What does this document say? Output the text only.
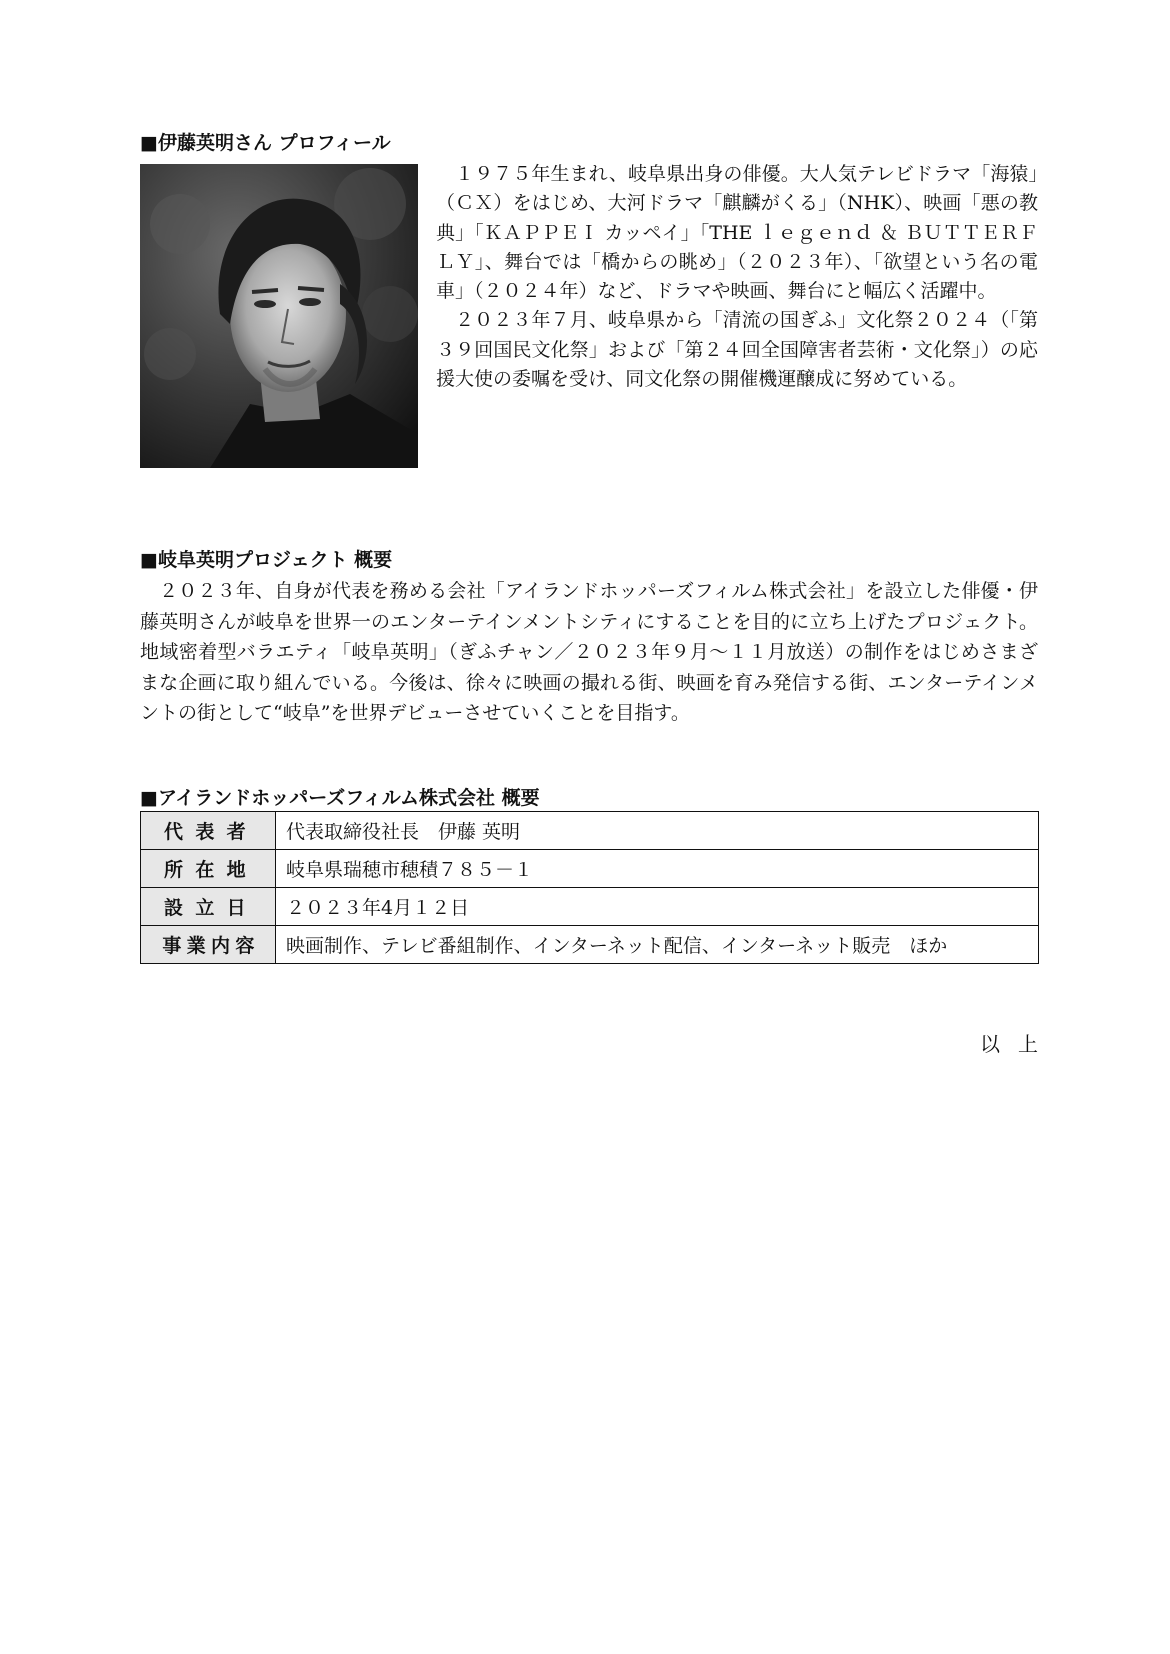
■伊藤英明さん プロフィール

１９７５年生まれ、岐阜県出身の俳優。大人気テレビドラマ「海猿」（ＣＸ）をはじめ、大河ドラマ「麒麟がくる」（NHK）、映画「悪の教典」「ＫＡＰＰＥＩ カッペイ」「THE ｌｅｇｅｎｄ ＆ ＢＵＴＴＥＲＦＬＹ」、舞台では「橋からの眺め」（２０２３年）、「欲望という名の電車」（２０２４年）など、ドラマや映画、舞台にと幅広く活躍中。

２０２３年７月、岐阜県から「清流の国ぎふ」文化祭２０２４（「第３９回国民文化祭」および「第２４回全国障害者芸術・文化祭」）の応援大使の委嘱を受け、同文化祭の開催機運醸成に努めている。

■岐阜英明プロジェクト 概要

２０２３年、自身が代表を務める会社「アイランドホッパーズフィルム株式会社」を設立した俳優・伊藤英明さんが岐阜を世界一のエンターテインメントシティにすることを目的に立ち上げたプロジェクト。地域密着型バラエティ「岐阜英明」（ぎふチャン／２０２３年９月～１１月放送）の制作をはじめさまざまな企画に取り組んでいる。今後は、徐々に映画の撮れる街、映画を育み発信する街、エンターテインメントの街として“岐阜”を世界デビューさせていくことを目指す。

■アイランドホッパーズフィルム株式会社 概要
代表者	代表取締役社長　伊藤 英明
所在地	岐阜県瑞穂市穂積７８５－１
設立日	２０２３年4月１２日
事業内容	映画制作、テレビ番組制作、インターネット配信、インターネット販売　ほか
以上
